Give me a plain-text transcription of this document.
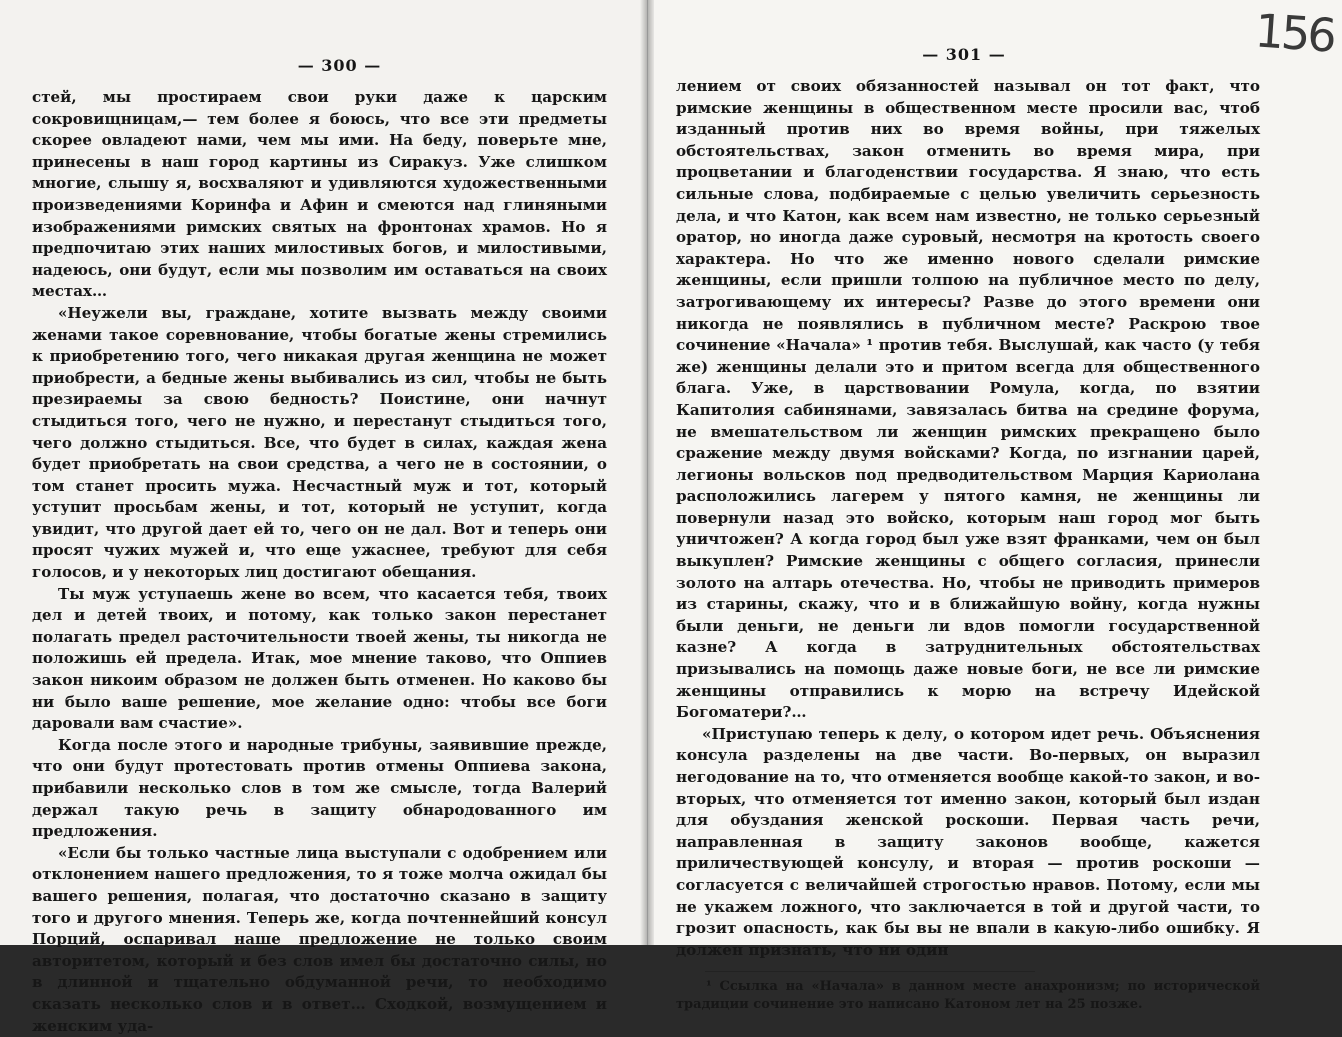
— 300 —

стей, мы простираем свои руки даже к царским сокровищницам,— тем более я боюсь, что все эти предметы скорее овладеют нами, чем мы ими. На беду, поверьте мне, принесены в наш город картины из Сиракуз. Уже слишком многие, слышу я, восхваляют и удивляются художественными произведениями Коринфа и Афин и смеются над глиняными изображениями римских святых на фронтонах храмов. Но я предпочитаю этих наших милостивых богов, и милостивыми, надеюсь, они будут, если мы позволим им оставаться на своих местах…

«Неужели вы, граждане, хотите вызвать между своими женами такое соревнование, чтобы богатые жены стремились к приобретению того, чего никакая другая женщина не может приобрести, а бедные жены выбивались из сил, чтобы не быть презираемы за свою бедность? Поистине, они начнут стыдиться того, чего не нужно, и перестанут стыдиться того, чего должно стыдиться. Все, что будет в силах, каждая жена будет приобретать на свои средства, а чего не в состоянии, о том станет просить мужа. Несчастный муж и тот, который уступит просьбам жены, и тот, который не уступит, когда увидит, что другой дает ей то, чего он не дал. Вот и теперь они просят чужих мужей и, что еще ужаснее, требуют для себя голосов, и у некоторых лиц достигают обещания.

Ты муж уступаешь жене во всем, что касается тебя, твоих дел и детей твоих, и потому, как только закон перестанет полагать предел расточительности твоей жены, ты никогда не положишь ей предела. Итак, мое мнение таково, что Оппиев закон никоим образом не должен быть отменен. Но каково бы ни было ваше решение, мое желание одно: чтобы все боги даровали вам счастие».

Когда после этого и народные трибуны, заявившие прежде, что они будут протестовать против отмены Оппиева закона, прибавили несколько слов в том же смысле, тогда Валерий держал такую речь в защиту обнародованного им предложения.

«Если бы только частные лица выступали с одобрением или отклонением нашего предложения, то я тоже молча ожидал бы вашего решения, полагая, что достаточно сказано в защиту того и другого мнения. Теперь же, когда почтеннейший консул Порций, оспаривал наше предложение не только своим авторитетом, который и без слов имел бы достаточно силы, но в длинной и тщательно обдуманной речи, то необходимо сказать несколько слов и в ответ… Сходкой, возмущением и женским уда-

156
— 301 —

лением от своих обязанностей называл он тот факт, что римские женщины в общественном месте просили вас, чтоб изданный против них во время войны, при тяжелых обстоятельствах, закон отменить во время мира, при процветании и благоденствии государства. Я знаю, что есть сильные слова, подбираемые с целью увеличить серьезность дела, и что Катон, как всем нам известно, не только серьезный оратор, но иногда даже суровый, несмотря на кротость своего характера. Но что же именно нового сделали римские женщины, если пришли толпою на публичное место по делу, затрогивающему их интересы? Разве до этого времени они никогда не появлялись в публичном месте? Раскрою твое сочинение «Начала» ¹ против тебя. Выслушай, как часто (у тебя же) женщины делали это и притом всегда для общественного блага. Уже, в царствовании Ромула, когда, по взятии Капитолия сабинянами, завязалась битва на средине форума, не вмешательством ли женщин римских прекращено было сражение между двумя войсками? Когда, по изгнании царей, легионы вольсков под предводительством Марция Кариолана расположились лагерем у пятого камня, не женщины ли повернули назад это войско, которым наш город мог быть уничтожен? А когда город был уже взят франками, чем он был выкуплен? Римские женщины с общего согласия, принесли золото на алтарь отечества. Но, чтобы не приводить примеров из старины, скажу, что и в ближайшую войну, когда нужны были деньги, не деньги ли вдов помогли государственной казне? А когда в затруднительных обстоятельствах призывались на помощь даже новые боги, не все ли римские женщины отправились к морю на встречу Идейской Богоматери?…

«Приступаю теперь к делу, о котором идет речь. Объяснения консула разделены на две части. Во-первых, он выразил негодование на то, что отменяется вообще какой-то закон, и во-вторых, что отменяется тот именно закон, который был издан для обуздания женской роскоши. Первая часть речи, направленная в защиту законов вообще, кажется приличествующей консулу, и вторая — против роскоши — согласуется с величайшей строгостью нравов. Потому, если мы не укажем ложного, что заключается в той и другой части, то грозит опасность, как бы вы не впали в какую-либо ошибку. Я должен признать, что ни один

¹ Ссылка на «Начала» в данном месте анахронизм; по исторической традиции сочинение это написано Катоном лет на 25 позже.
